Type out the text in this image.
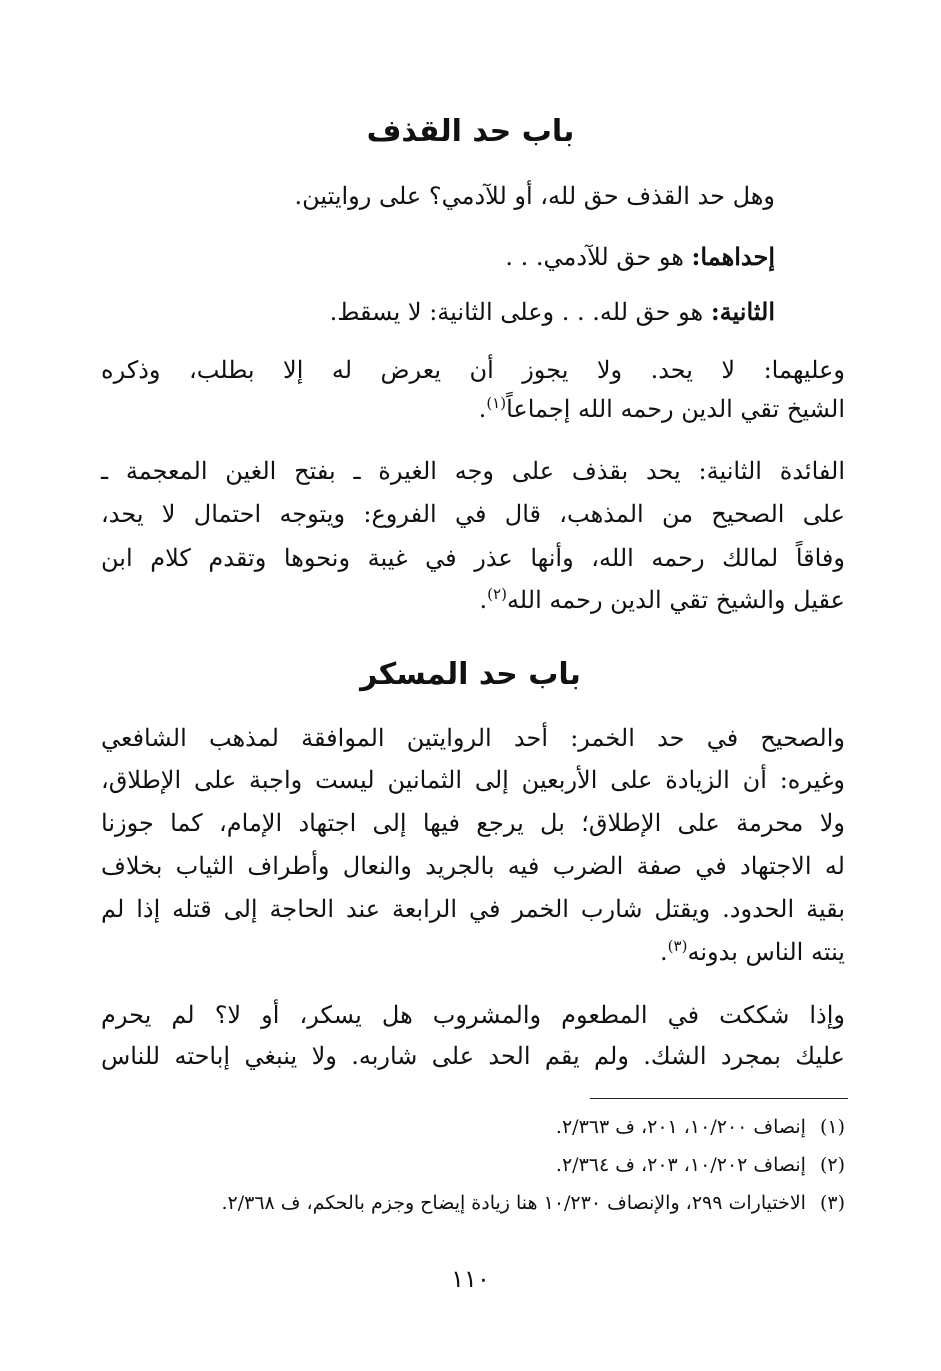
باب حد القذف

وهل حد القذف حق لله، أو للآدمي؟ على روايتين.

إحداهما: هو حق للآدمي. . .

الثانية: هو حق لله. . . وعلى الثانية: لا يسقط.

وعليهما: لا يحد. ولا يجوز أن يعرض له إلا بطلب، وذكره

الشيخ تقي الدين رحمه الله إجماعاً$^{(١)}$.

الفائدة الثانية: يحد بقذف على وجه الغيرة ـ بفتح الغين المعجمة ـ

على الصحيح من المذهب، قال في الفروع: ويتوجه احتمال لا يحد،

وفاقاً لمالك رحمه الله، وأنها عذر في غيبة ونحوها وتقدم كلام ابن

عقيل والشيخ تقي الدين رحمه الله$^{(٢)}$.

باب حد المسكر

والصحيح في حد الخمر: أحد الروايتين الموافقة لمذهب الشافعي

وغيره: أن الزيادة على الأربعين إلى الثمانين ليست واجبة على الإطلاق،

ولا محرمة على الإطلاق؛ بل يرجع فيها إلى اجتهاد الإمام، كما جوزنا

له الاجتهاد في صفة الضرب فيه بالجريد والنعال وأطراف الثياب بخلاف

بقية الحدود. ويقتل شارب الخمر في الرابعة عند الحاجة إلى قتله إذا لم

ينته الناس بدونه$^{(٣)}$.

وإذا شككت في المطعوم والمشروب هل يسكر، أو لا؟ لم يحرم

عليك بمجرد الشك. ولم يقم الحد على شاربه. ولا ينبغي إباحته للناس

(١)إنصاف ١٠/٢٠٠، ٢٠١، ف ٢/٣٦٣.

(٢)إنصاف ١٠/٢٠٢، ٢٠٣، ف ٢/٣٦٤.

(٣)الاختيارات ٢٩٩، والإنصاف ١٠/٢٣٠ هنا زيادة إيضاح وجزم بالحكم، ف ٢/٣٦٨.

١١٠
